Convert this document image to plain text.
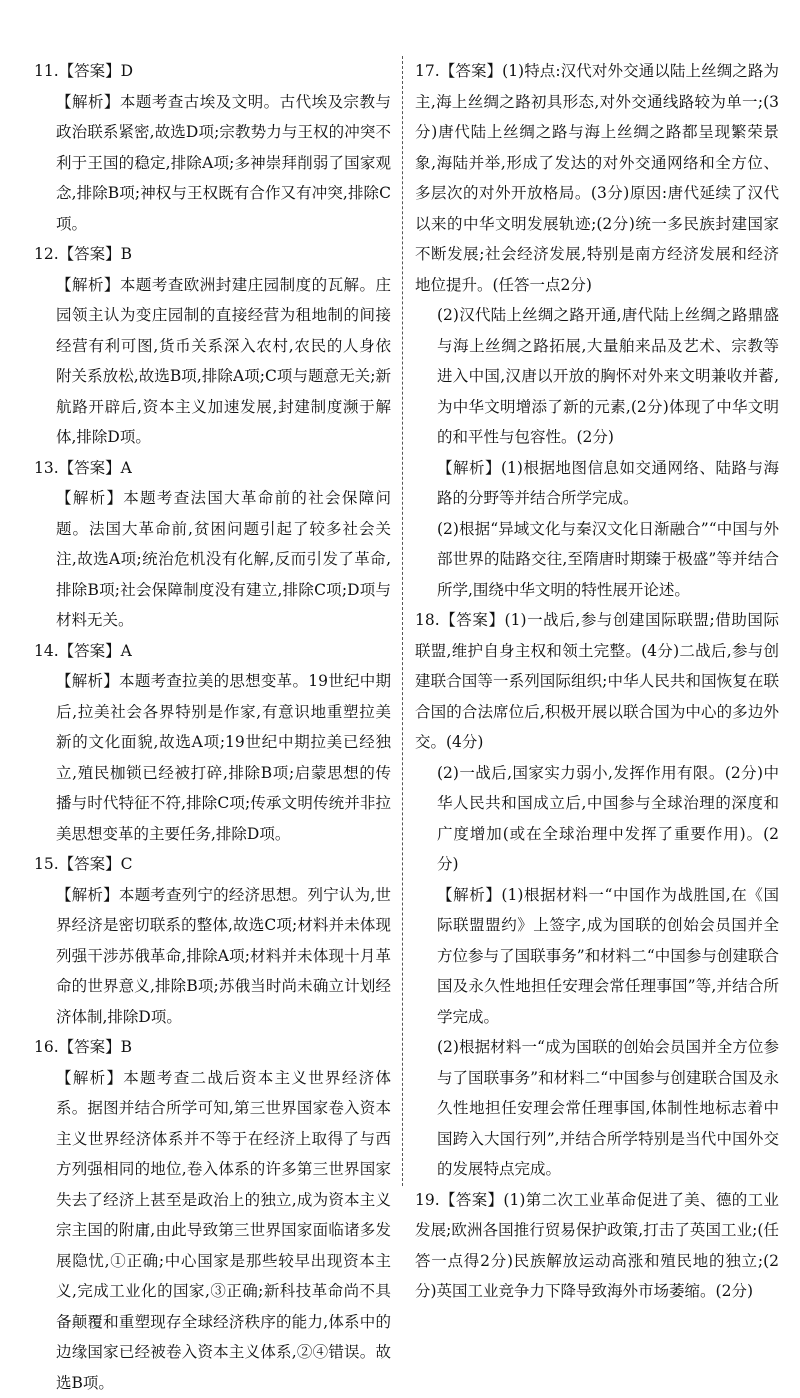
11.【答案】D

【解析】本题考查古埃及文明。古代埃及宗教与政治联系紧密,故选D项;宗教势力与王权的冲突不利于王国的稳定,排除A项;多神崇拜削弱了国家观念,排除B项;神权与王权既有合作又有冲突,排除C项。

12.【答案】B

【解析】本题考查欧洲封建庄园制度的瓦解。庄园领主认为变庄园制的直接经营为租地制的间接经营有利可图,货币关系深入农村,农民的人身依附关系放松,故选B项,排除A项;C项与题意无关;新航路开辟后,资本主义加速发展,封建制度濒于解体,排除D项。

13.【答案】A

【解析】本题考查法国大革命前的社会保障问题。法国大革命前,贫困问题引起了较多社会关注,故选A项;统治危机没有化解,反而引发了革命,排除B项;社会保障制度没有建立,排除C项;D项与材料无关。

14.【答案】A

【解析】本题考查拉美的思想变革。19世纪中期后,拉美社会各界特别是作家,有意识地重塑拉美新的文化面貌,故选A项;19世纪中期拉美已经独立,殖民枷锁已经被打碎,排除B项;启蒙思想的传播与时代特征不符,排除C项;传承文明传统并非拉美思想变革的主要任务,排除D项。

15.【答案】C

【解析】本题考查列宁的经济思想。列宁认为,世界经济是密切联系的整体,故选C项;材料并未体现列强干涉苏俄革命,排除A项;材料并未体现十月革命的世界意义,排除B项;苏俄当时尚未确立计划经济体制,排除D项。

16.【答案】B

【解析】本题考查二战后资本主义世界经济体系。据图并结合所学可知,第三世界国家卷入资本主义世界经济体系并不等于在经济上取得了与西方列强相同的地位,卷入体系的许多第三世界国家失去了经济上甚至是政治上的独立,成为资本主义宗主国的附庸,由此导致第三世界国家面临诸多发展隐忧,①正确;中心国家是那些较早出现资本主义,完成工业化的国家,③正确;新科技革命尚不具备颠覆和重塑现存全球经济秩序的能力,体系中的边缘国家已经被卷入资本主义体系,②④错误。故选B项。

17.【答案】(1)特点:汉代对外交通以陆上丝绸之路为主,海上丝绸之路初具形态,对外交通线路较为单一;(3分)唐代陆上丝绸之路与海上丝绸之路都呈现繁荣景象,海陆并举,形成了发达的对外交通网络和全方位、多层次的对外开放格局。(3分)原因:唐代延续了汉代以来的中华文明发展轨迹;(2分)统一多民族封建国家不断发展;社会经济发展,特别是南方经济发展和经济地位提升。(任答一点2分)

(2)汉代陆上丝绸之路开通,唐代陆上丝绸之路鼎盛与海上丝绸之路拓展,大量舶来品及艺术、宗教等进入中国,汉唐以开放的胸怀对外来文明兼收并蓄,为中华文明增添了新的元素,(2分)体现了中华文明的和平性与包容性。(2分)

【解析】(1)根据地图信息如交通网络、陆路与海路的分野等并结合所学完成。

(2)根据“异域文化与秦汉文化日渐融合”“中国与外部世界的陆路交往,至隋唐时期臻于极盛”等并结合所学,围绕中华文明的特性展开论述。

18.【答案】(1)一战后,参与创建国际联盟;借助国际联盟,维护自身主权和领土完整。(4分)二战后,参与创建联合国等一系列国际组织;中华人民共和国恢复在联合国的合法席位后,积极开展以联合国为中心的多边外交。(4分)

(2)一战后,国家实力弱小,发挥作用有限。(2分)中华人民共和国成立后,中国参与全球治理的深度和广度增加(或在全球治理中发挥了重要作用)。(2分)

【解析】(1)根据材料一“中国作为战胜国,在《国际联盟盟约》上签字,成为国联的创始会员国并全方位参与了国联事务”和材料二“中国参与创建联合国及永久性地担任安理会常任理事国”等,并结合所学完成。

(2)根据材料一“成为国联的创始会员国并全方位参与了国联事务”和材料二“中国参与创建联合国及永久性地担任安理会常任理事国,体制性地标志着中国跨入大国行列”,并结合所学特别是当代中国外交的发展特点完成。

19.【答案】(1)第二次工业革命促进了美、德的工业发展;欧洲各国推行贸易保护政策,打击了英国工业;(任答一点得2分)民族解放运动高涨和殖民地的独立;(2分)英国工业竞争力下降导致海外市场萎缩。(2分)
